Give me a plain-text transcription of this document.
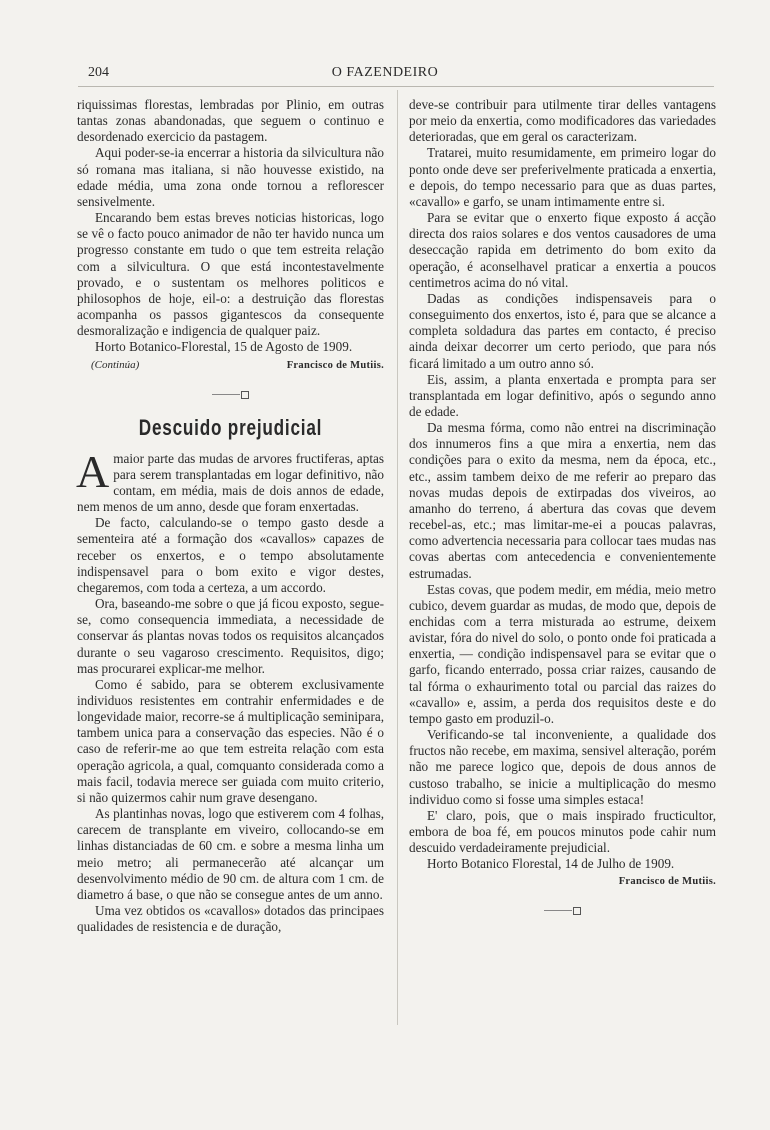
204	O FAZENDEIRO

riquissimas florestas, lembradas por Plinio, em outras tantas zonas abandonadas, que seguem o continuo e desordenado exercicio da pastagem.

Aqui poder-se-ia encerrar a historia da silvicultura não só romana mas italiana, si não houvesse existido, na edade média, uma zona onde tornou a reflorescer sensivelmente.

Encarando bem estas breves noticias historicas, logo se vê o facto pouco animador de não ter havido nunca um progresso constante em tudo o que tem estreita relação com a silvicultura. O que está incontestavelmente provado, e o sustentam os melhores politicos e philosophos de hoje, eil-o: a destruição das florestas acompanha os passos gigantescos da consequente desmoralização e indigencia de qualquer paiz.

Horto Botanico-Florestal, 15 de Agosto de 1909.

(Continúa)	Francisco de Mutiis.
Descuido prejudicial

Amaior parte das mudas de arvores fructiferas, aptas para serem transplantadas em logar definitivo, não contam, em média, mais de dois annos de edade, nem menos de um anno, desde que foram enxertadas.

De facto, calculando-se o tempo gasto desde a sementeira até a formação dos «cavallos» capazes de receber os enxertos, e o tempo absolutamente indispensavel para o bom exito e vigor destes, chegaremos, com toda a certeza, a um accordo.

Ora, baseando-me sobre o que já ficou exposto, segue-se, como consequencia immediata, a necessidade de conservar ás plantas novas todos os requisitos alcançados durante o seu vagaroso crescimento. Requisitos, digo; mas procurarei explicar-me melhor.

Como é sabido, para se obterem exclusivamente individuos resistentes em contrahir enfermidades e de longevidade maior, recorre-se á multiplicação seminipara, tambem unica para a conservação das especies. Não é o caso de referir-me ao que tem estreita relação com esta operação agricola, a qual, comquanto considerada como a mais facil, todavia merece ser guiada com muito criterio, si não quizermos cahir num grave desengano.

As plantinhas novas, logo que estiverem com 4 folhas, carecem de transplante em viveiro, collocando-se em linhas distanciadas de 60 cm. e sobre a mesma linha um meio metro; ali permanecerão até alcançar um desenvolvimento médio de 90 cm. de altura com 1 cm. de diametro á base, o que não se consegue antes de um anno.

Uma vez obtidos os «cavallos» dotados das principaes qualidades de resistencia e de duração,

deve-se contribuir para utilmente tirar delles vantagens por meio da enxertia, como modificadores das variedades deterioradas, que em geral os caracterizam.

Tratarei, muito resumidamente, em primeiro logar do ponto onde deve ser preferivelmente praticada a enxertia, e depois, do tempo necessario para que as duas partes, «cavallo» e garfo, se unam intimamente entre si.

Para se evitar que o enxerto fique exposto á acção directa dos raios solares e dos ventos causadores de uma deseccação rapida em detrimento do bom exito da operação, é aconselhavel praticar a enxertia a poucos centimetros acima do nó vital.

Dadas as condições indispensaveis para o conseguimento dos enxertos, isto é, para que se alcance a completa soldadura das partes em contacto, é preciso ainda deixar decorrer um certo periodo, que para nós ficará limitado a um outro anno só.

Eis, assim, a planta enxertada e prompta para ser transplantada em logar definitivo, após o segundo anno de edade.

Da mesma fórma, como não entrei na discriminação dos innumeros fins a que mira a enxertia, nem das condições para o exito da mesma, nem da época, etc., etc., assim tambem deixo de me referir ao preparo das novas mudas depois de extirpadas dos viveiros, ao amanho do terreno, á abertura das covas que devem recebel-as, etc.; mas limitar-me-ei a poucas palavras, como advertencia necessaria para collocar taes mudas nas covas abertas com antecedencia e convenientemente estrumadas.

Estas covas, que podem medir, em média, meio metro cubico, devem guardar as mudas, de modo que, depois de enchidas com a terra misturada ao estrume, deixem avistar, fóra do nivel do solo, o ponto onde foi praticada a enxertia, — condição indispensavel para se evitar que o garfo, ficando enterrado, possa criar raizes, causando de tal fórma o exhaurimento total ou parcial das raizes do «cavallo» e, assim, a perda dos requisitos deste e do tempo gasto em produzil-o.

Verificando-se tal inconveniente, a qualidade dos fructos não recebe, em maxima, sensivel alteração, porém não me parece logico que, depois de dous annos de custoso trabalho, se inicie a multiplicação do mesmo individuo como si fosse uma simples estaca!

E' claro, pois, que o mais inspirado fructicultor, embora de boa fé, em poucos minutos pode cahir num descuido verdadeiramente prejudicial.

Horto Botanico Florestal, 14 de Julho de 1909.

Francisco de Mutiis.
